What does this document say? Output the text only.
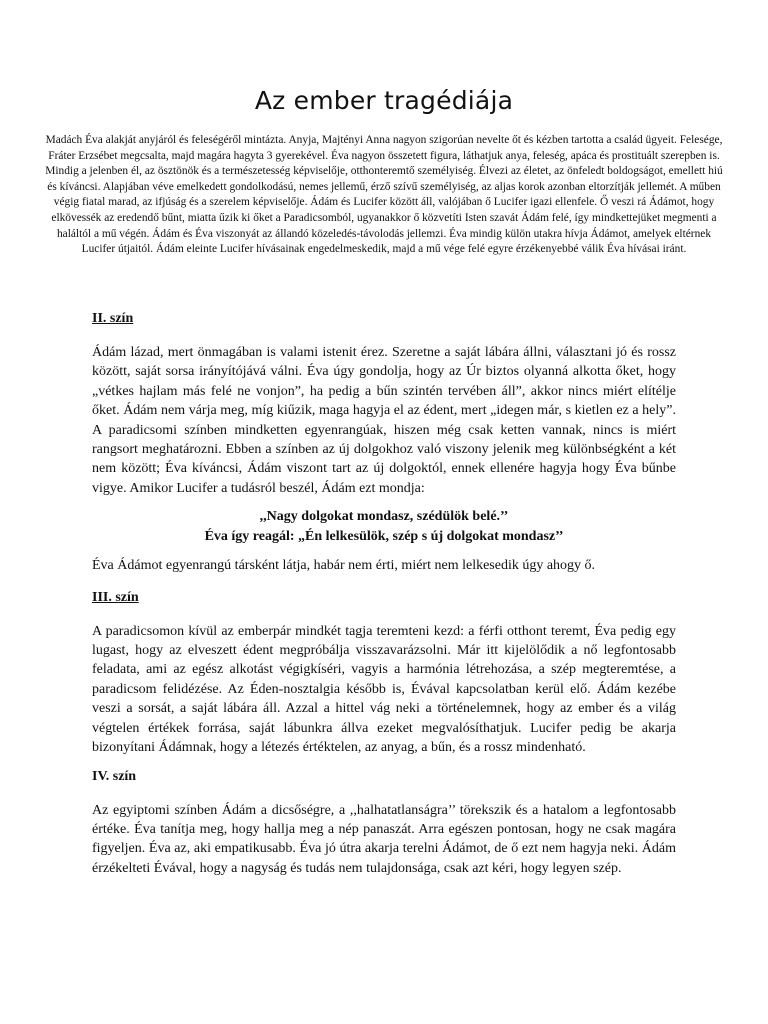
Az ember tragédiája

Madách Éva alakját anyjáról és feleségéről mintázta. Anyja, Majtényi Anna nagyon szigorúan nevelte őt és kézben tartotta a család ügyeit. Felesége, Fráter Erzsébet megcsalta, majd magára hagyta 3 gyerekével. Éva nagyon összetett figura, láthatjuk anya, feleség, apáca és prostituált szerepben is. Mindig a jelenben él, az ösztönök és a természetesség képviselője, otthonteremtő személyiség. Élvezi az életet, az önfeledt boldogságot, emellett hiú és kíváncsi. Alapjában véve emelkedett gondolkodású, nemes jellemű, érző szívű személyiség, az aljas korok azonban eltorzítják jellemét. A műben végig fiatal marad, az ifjúság és a szerelem képviselője. Ádám és Lucifer között áll, valójában ő Lucifer igazi ellenfele. Ő veszi rá Ádámot, hogy elkövessék az eredendő bűnt, miatta űzik ki őket a Paradicsomból, ugyanakkor ő közvetíti Isten szavát Ádám felé, így mindkettejüket megmenti a haláltól a mű végén. Ádám és Éva viszonyát az állandó közeledés-távolodás jellemzi. Éva mindig külön utakra hívja Ádámot, amelyek eltérnek Lucifer útjaitól. Ádám eleinte Lucifer hívásainak engedelmeskedik, majd a mű vége felé egyre érzékenyebbé válik Éva hívásai iránt.

II. szín

Ádám lázad, mert önmagában is valami istenit érez. Szeretne a saját lábára állni, választani jó és rossz között, saját sorsa irányítójává válni. Éva úgy gondolja, hogy az Úr biztos olyanná alkotta őket, hogy „vétkes hajlam más felé ne vonjon”, ha pedig a bűn szintén tervében áll”, akkor nincs miért elítélje őket. Ádám nem várja meg, míg kiűzik, maga hagyja el az édent, mert „idegen már, s kietlen ez a hely”. A paradicsomi színben mindketten egyenrangúak, hiszen még csak ketten vannak, nincs is miért rangsort meghatározni. Ebben a színben az új dolgokhoz való viszony jelenik meg különbségként a két nem között; Éva kíváncsi, Ádám viszont tart az új dolgoktól, ennek ellenére hagyja hogy Éva bűnbe vigye. Amikor Lucifer a tudásról beszél, Ádám ezt mondja:

,,Nagy dolgokat mondasz, szédülök belé.’’
Éva így reagál: „Én lelkesülök, szép s új dolgokat mondasz’’

Éva Ádámot egyenrangú társként látja, habár nem érti, miért nem lelkesedik úgy ahogy ő.

III. szín

A paradicsomon kívül az emberpár mindkét tagja teremteni kezd: a férfi otthont teremt, Éva pedig egy lugast, hogy az elveszett édent megpróbálja visszavarázsolni. Már itt kijelölődik a nő legfontosabb feladata, ami az egész alkotást végigkíséri, vagyis a harmónia létrehozása, a szép megteremtése, a paradicsom felidézése. Az Éden-nosztalgia később is, Évával kapcsolatban kerül elő. Ádám kezébe veszi a sorsát, a saját lábára áll. Azzal a hittel vág neki a történelemnek, hogy az ember és a világ végtelen értékek forrása, saját lábunkra állva ezeket megvalósíthatjuk. Lucifer pedig be akarja bizonyítani Ádámnak, hogy a létezés értéktelen, az anyag, a bűn, és a rossz mindenható.

IV. szín

Az egyiptomi színben Ádám a dicsőségre, a ,,halhatatlanságra’’ törekszik és a hatalom a legfontosabb értéke. Éva tanítja meg, hogy hallja meg a nép panaszát. Arra egészen pontosan, hogy ne csak magára figyeljen. Éva az, aki empatikusabb. Éva jó útra akarja terelni Ádámot, de ő ezt nem hagyja neki. Ádám érzékelteti Évával, hogy a nagyság és tudás nem tulajdonsága, csak azt kéri, hogy legyen szép.
